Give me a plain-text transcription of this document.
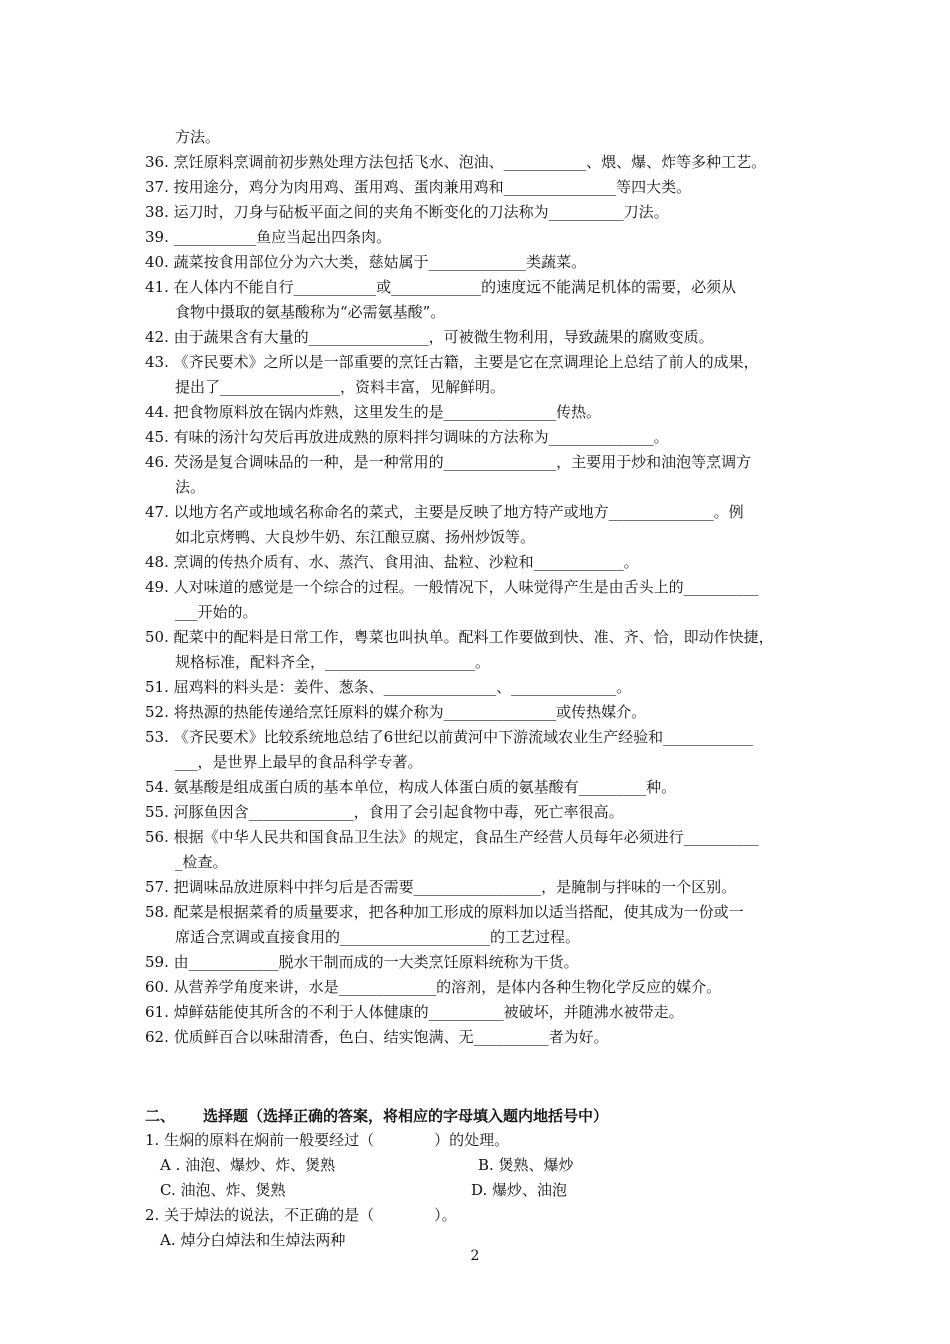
方法。
36. 烹饪原料烹调前初步熟处理方法包括飞水、泡油、___________、煨、爆、炸等多种工艺。
37. 按用途分，鸡分为肉用鸡、蛋用鸡、蛋肉兼用鸡和_______________等四大类。
38. 运刀时，刀身与砧板平面之间的夹角不断变化的刀法称为__________刀法。
39. ___________鱼应当起出四条肉。
40. 蔬菜按食用部位分为六大类，慈姑属于_____________类蔬菜。
41. 在人体内不能自行___________或____________的速度远不能满足机体的需要，必须从
食物中摄取的氨基酸称为“必需氨基酸”。
42. 由于蔬果含有大量的________________，可被微生物利用，导致蔬果的腐败变质。
43. 《齐民要术》之所以是一部重要的烹饪古籍，主要是它在烹调理论上总结了前人的成果，
提出了________________，资料丰富，见解鲜明。
44. 把食物原料放在锅内炸熟，这里发生的是_______________传热。
45. 有味的汤汁勾芡后再放进成熟的原料拌匀调味的方法称为______________。
46. 芡汤是复合调味品的一种，是一种常用的_______________，主要用于炒和油泡等烹调方
法。
47. 以地方名产或地域名称命名的菜式，主要是反映了地方特产或地方______________。例
如北京烤鸭、大良炒牛奶、东江酿豆腐、扬州炒饭等。
48. 烹调的传热介质有、水、蒸汽、食用油、盐粒、沙粒和____________。
49. 人对味道的感觉是一个综合的过程。一般情况下，人味觉得产生是由舌头上的__________
___开始的。
50. 配菜中的配料是日常工作，粤菜也叫执单。配料工作要做到快、准、齐、恰，即动作快捷，
规格标准，配料齐全，____________________。
51. 屈鸡料的料头是：姜件、葱条、_______________、______________。
52. 将热源的热能传递给烹饪原料的媒介称为_______________或传热媒介。
53. 《齐民要术》比较系统地总结了6世纪以前黄河中下游流域农业生产经验和____________
___，是世界上最早的食品科学专著。
54. 氨基酸是组成蛋白质的基本单位，构成人体蛋白质的氨基酸有_________种。
55. 河豚鱼因含______________，食用了会引起食物中毒，死亡率很高。
56. 根据《中华人民共和国食品卫生法》的规定，食品生产经营人员每年必须进行__________
_检查。
57. 把调味品放进原料中拌匀后是否需要_________________，是腌制与拌味的一个区别。
58. 配菜是根据菜肴的质量要求，把各种加工形成的原料加以适当搭配，使其成为一份或一
席适合烹调或直接食用的____________________的工艺过程。
59. 由____________脱水干制而成的一大类烹饪原料统称为干货。
60. 从营养学角度来讲，水是_____________的溶剂，是体内各种生物化学反应的媒介。
61. 焯鲜菇能使其所含的不利于人体健康的__________被破坏，并随沸水被带走。
62. 优质鲜百合以味甜清香，色白、结实饱满、无__________者为好。
二、 选择题（选择正确的答案，将相应的字母填入题内地括号中）
1. 生焖的原料在焖前一般要经过（　　　　）的处理。
A . 油泡、爆炒、炸、煲熟	B. 煲熟、爆炒
C. 油泡、炸、煲熟	D. 爆炒、油泡
2. 关于焯法的说法，不正确的是（　　　　）。
A. 焯分白焯法和生焯法两种
2
